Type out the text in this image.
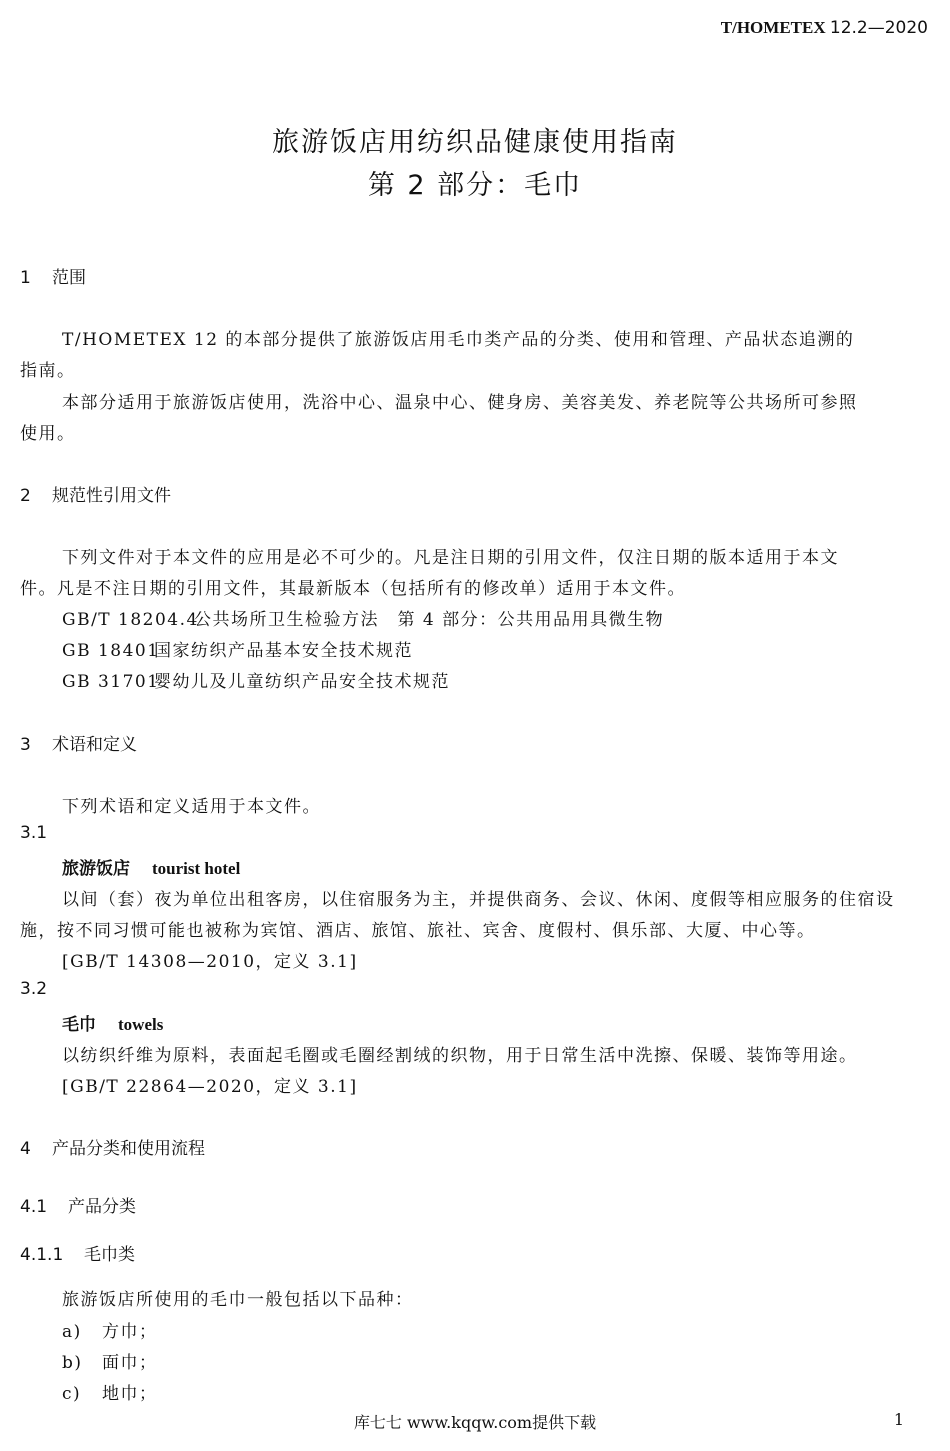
T/HOMETEX 12.2—2020
旅游饭店用纺织品健康使用指南
第 2 部分：毛巾
1 范围
T/HOMETEX 12 的本部分提供了旅游饭店用毛巾类产品的分类、使用和管理、产品状态追溯的
指南。
本部分适用于旅游饭店使用，洗浴中心、温泉中心、健身房、美容美发、养老院等公共场所可参照
使用。
2 规范性引用文件
下列文件对于本文件的应用是必不可少的。凡是注日期的引用文件，仅注日期的版本适用于本文
件。凡是不注日期的引用文件，其最新版本（包括所有的修改单）适用于本文件。
GB/T 18204.4公共场所卫生检验方法　第 4 部分：公共用品用具微生物
GB 18401国家纺织产品基本安全技术规范
GB 31701婴幼儿及儿童纺织产品安全技术规范
3 术语和定义
下列术语和定义适用于本文件。
3.1
旅游饭店 tourist hotel
以间（套）夜为单位出租客房，以住宿服务为主，并提供商务、会议、休闲、度假等相应服务的住宿设
施，按不同习惯可能也被称为宾馆、酒店、旅馆、旅社、宾舍、度假村、俱乐部、大厦、中心等。
[GB/T 14308—2010，定义 3.1]
3.2
毛巾 towels
以纺织纤维为原料，表面起毛圈或毛圈经割绒的织物，用于日常生活中洗擦、保暖、装饰等用途。
[GB/T 22864—2020，定义 3.1]
4 产品分类和使用流程
4.1 产品分类
4.1.1 毛巾类
旅游饭店所使用的毛巾一般包括以下品种：
a) 方巾；
b) 面巾；
c) 地巾；
库七七 www.kqqw.com提供下载	1
